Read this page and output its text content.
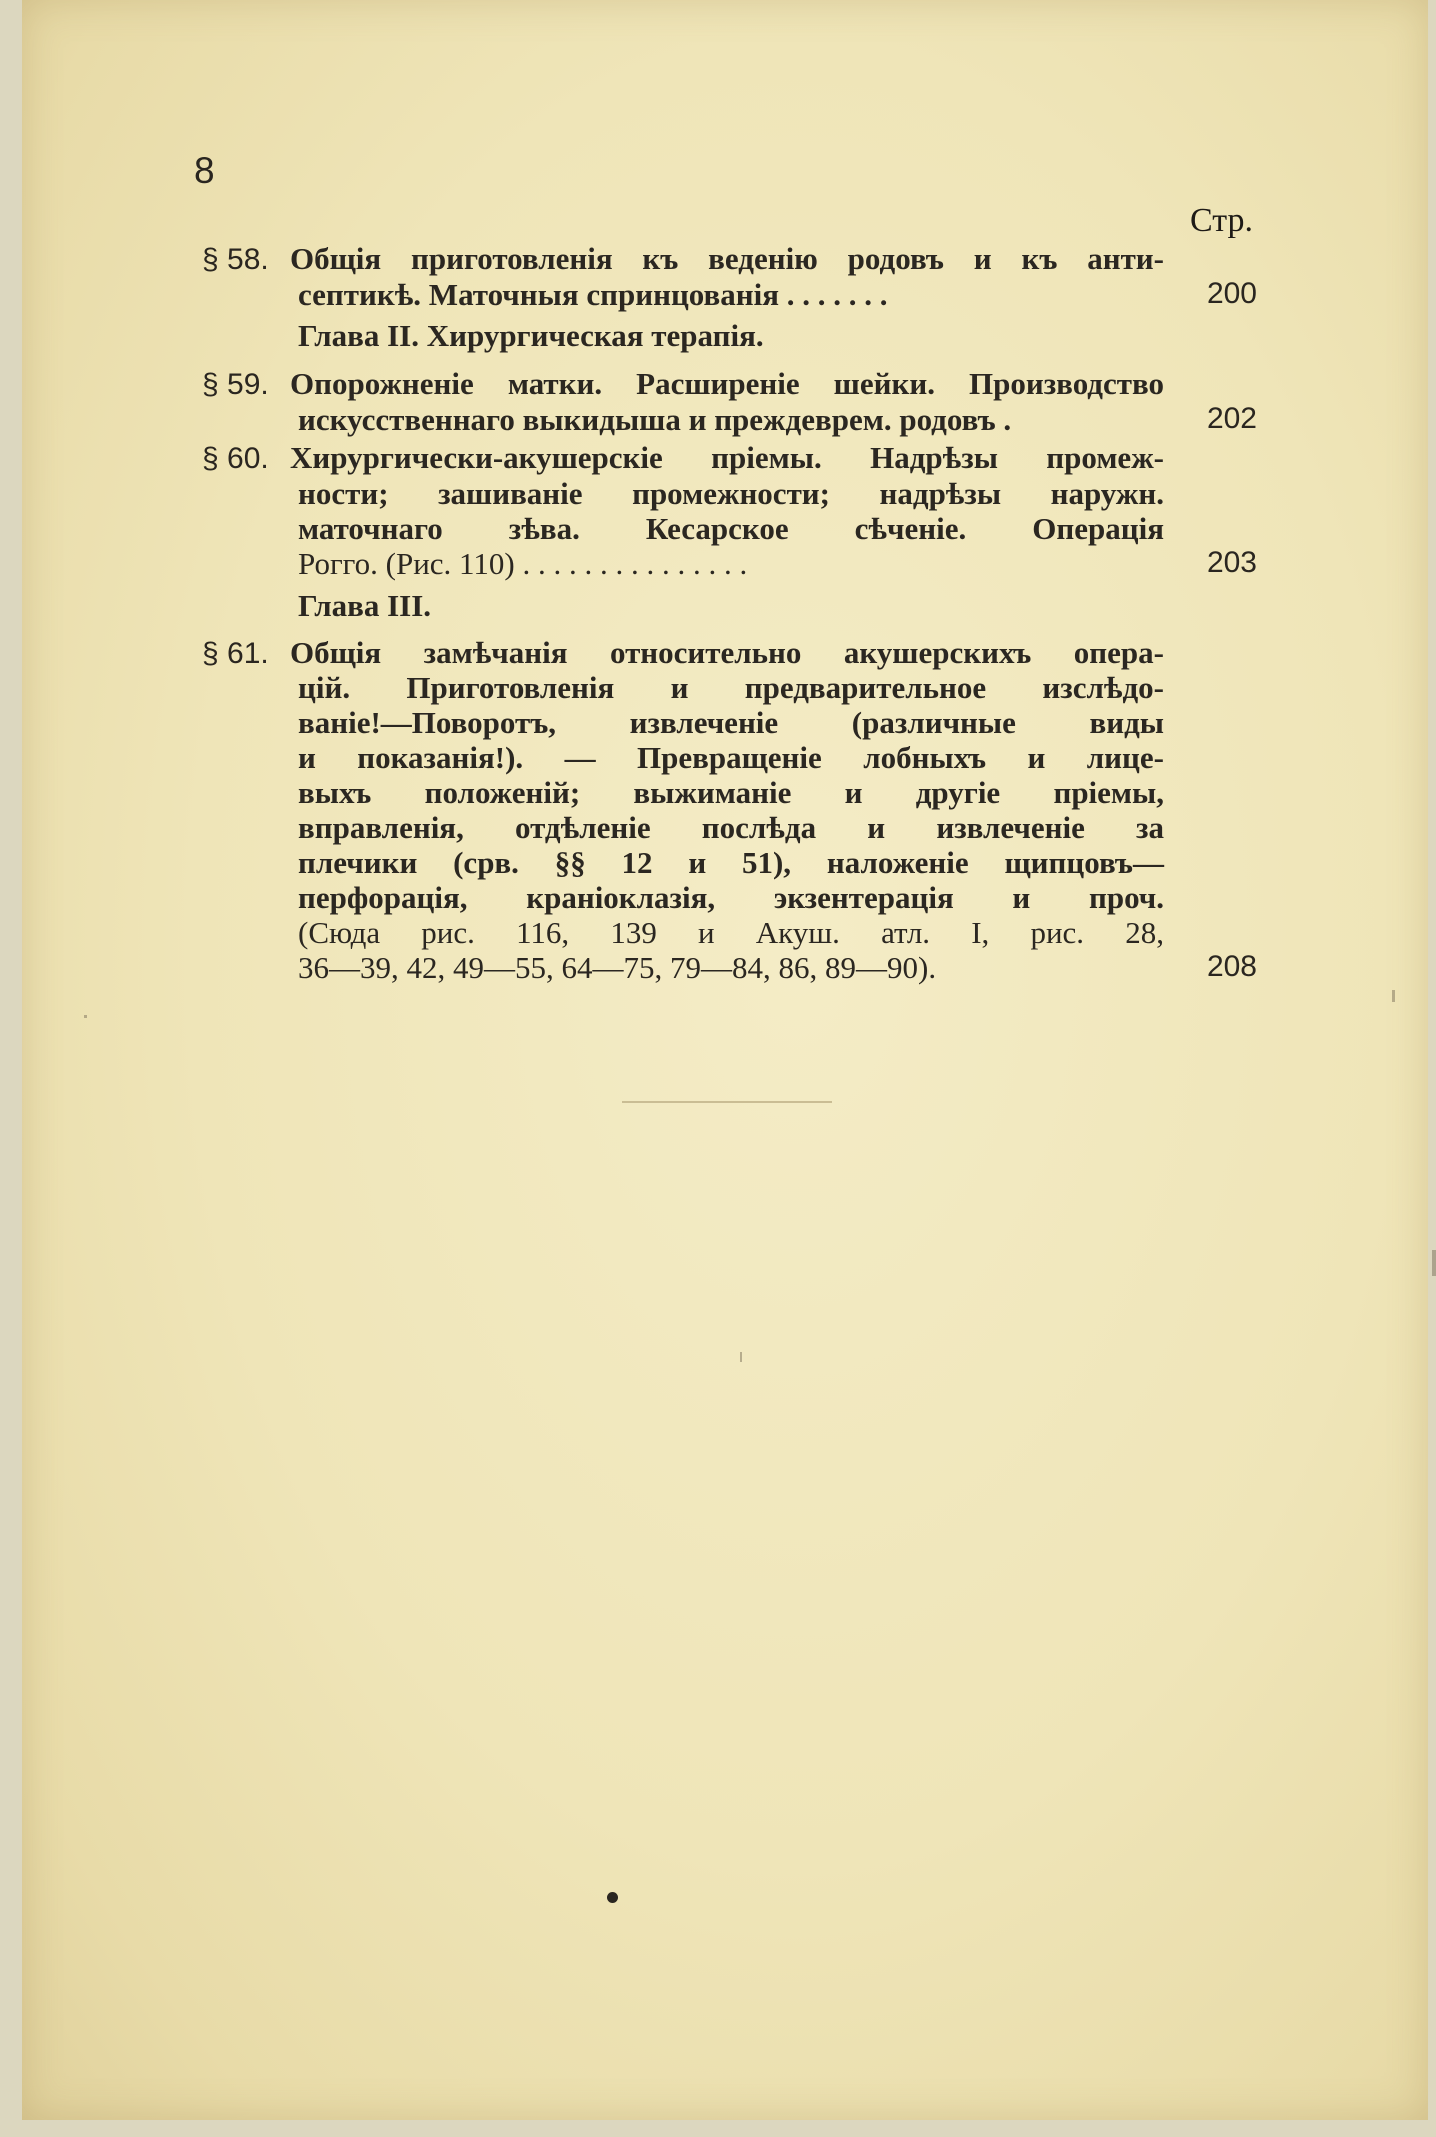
8
Стр.
§ 58. Общія приготовленія къ веденію родовъ и къ анти-
септикѣ. Маточныя спринцованія . . . . . . .	200
Глава II. Хирургическая терапія.
§ 59. Опорожненіе матки. Расширеніе шейки. Производство
искусственнаго выкидыша и преждеврем. родовъ .	202
§ 60. Хирургически-акушерскіе пріемы. Надрѣзы промеж-
ности; зашиваніе промежности; надрѣзы наружн.
маточнаго зѣва. Кесарское сѣченіе. Операція
Рогго. (Рис. 110) . . . . . . . . . . . . . . .	203
Глава III.
§ 61. Общія замѣчанія относительно акушерскихъ опера-
цій. Приготовленія и предварительное изслѣдо-
ваніе!—Поворотъ, извлеченіе (различные виды
и показанія!). — Превращеніе лобныхъ и лице-
выхъ положеній; выжиманіе и другіе пріемы,
вправленія, отдѣленіе послѣда и извлеченіе за
плечики (срв. §§ 12 и 51), наложеніе щипцовъ—
перфорація, краніоклазія, экзентерація и проч.
(Сюда рис. 116, 139 и Акуш. атл. I, рис. 28,
36—39, 42, 49—55, 64—75, 79—84, 86, 89—90).	208
